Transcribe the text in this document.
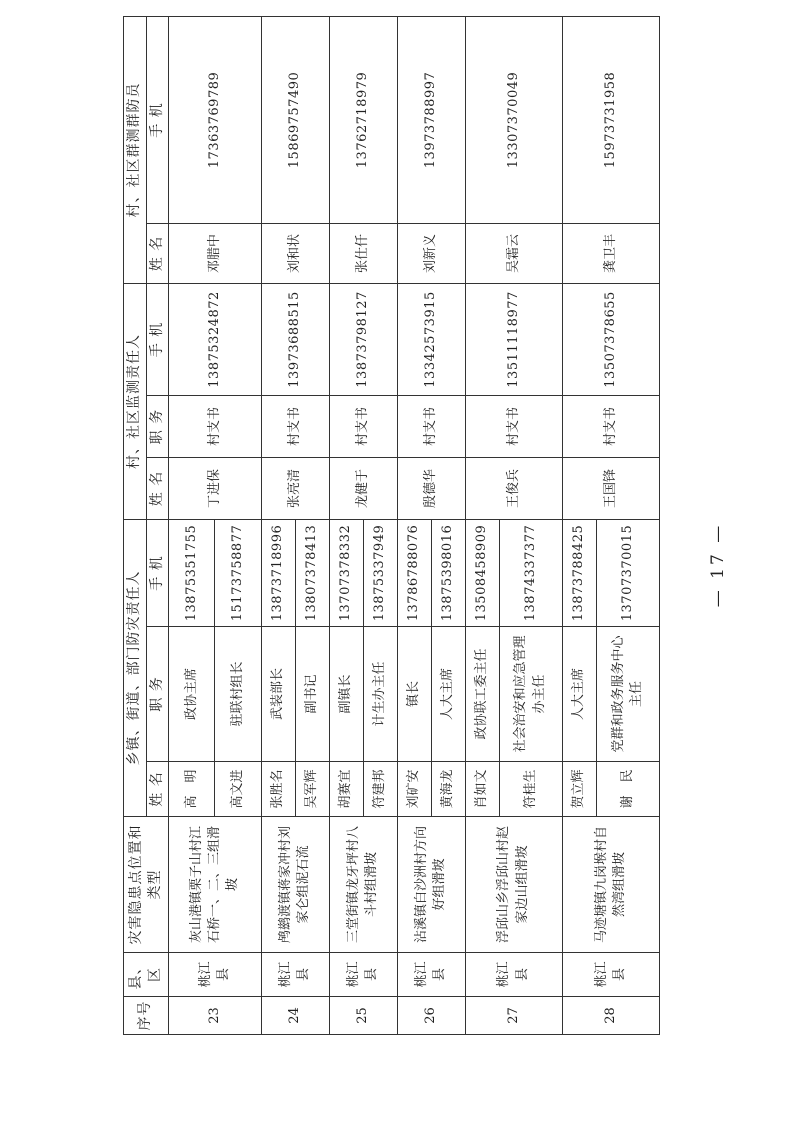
序号	县、区	灾害隐患点位置和类型	乡镇、街道、部门防灾责任人			村、社区监测责任人			村、社区群测群防员	
			姓 名	职 务	手 机	姓 名	职 务	手 机	姓 名	手 机
23	桃江县	灰山港镇栗子山村江石桥一、二、三组滑坡	高　明	政协主席	13875351755	丁进保	村支书	13875324872	邓腊中	17363769789
			高文进	驻联村组长	15173758877					
24	桃江县	鸬鹚渡镇蒋家冲村刘家仑组泥石流	张胜名	武装部长	13873718996	张亮清	村支书	13973688515	刘和状	15869757490
			吴军辉	副书记	13807378413					
25	桃江县	三堂街镇龙牙坪村八斗村组滑坡	胡赛宜	副镇长	13707378332	龙健于	村支书	13873798127	张仕仟	13762718979
			符建邦	计生办主任	13875337949					
26	桃江县	沾溪镇白沙洲村方向好组滑坡	刘矿安	镇长	13786788076	殷德华	村支书	13342573915	刘新义	13973788997
			黄海龙	人大主席	13875398016					
27	桃江县	浮邱山乡浮邱山村赵家边山组滑坡	肖如文	政协联工委主任	13508458909	王俊兵	村支书	13511118977	吴霜云	13307370049
			符桂生	社会治安和应急管理办主任	13874337377					
28	桃江县	马迹塘镇九岗堠村自然湾组滑坡	贺立辉	人大主席	13873788425	王国锋	村支书	13507378655	龚卫丰	15973731958
			谢　民	党群和政务服务中心主任	13707370015						— 17 —
